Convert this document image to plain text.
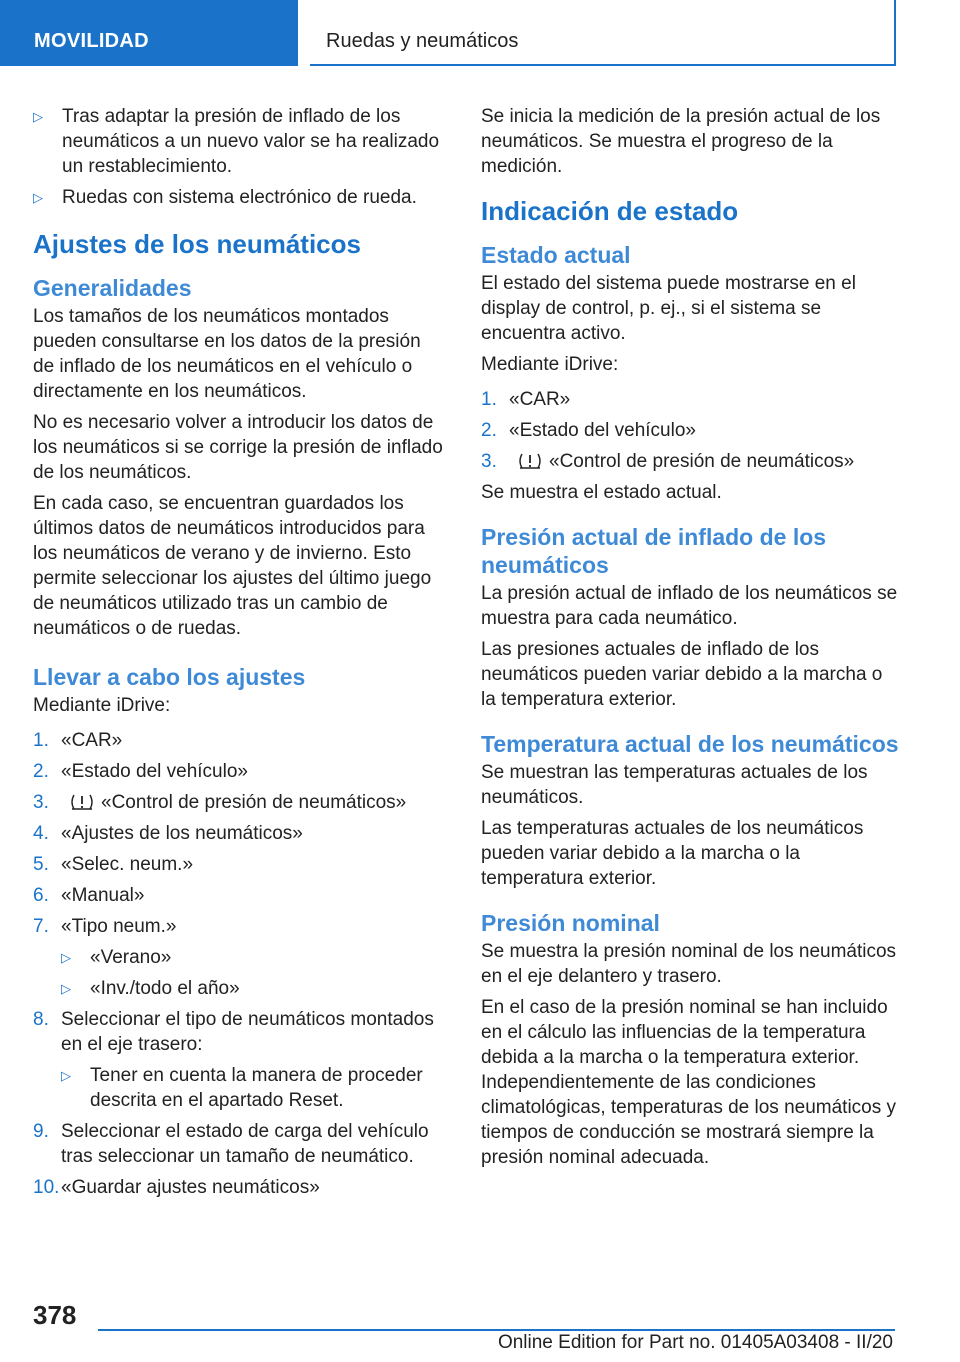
MOVILIDAD	Ruedas y neumáticos
▷ Tras adaptar la presión de inflado de los neumáticos a un nuevo valor se ha realizado un restablecimiento.
▷ Ruedas con sistema electrónico de rueda.
Ajustes de los neumáticos
Generalidades

Los tamaños de los neumáticos montados pueden consultarse en los datos de la presión de inflado de los neumáticos en el vehículo o directamente en los neumáticos.

No es necesario volver a introducir los datos de los neumáticos si se corrige la presión de inflado de los neumáticos.

En cada caso, se encuentran guardados los últimos datos de neumáticos introducidos para los neumáticos de verano y de invierno. Esto permite seleccionar los ajustes del último juego de neumáticos utilizado tras un cambio de neumáticos o de ruedas.

Llevar a cabo los ajustes

Mediante iDrive:

1. «CAR»
2. «Estado del vehículo»
3.	«Control de presión de neumáticos»
4. «Ajustes de los neumáticos»
5. «Selec. neum.»
6. «Manual»
7. «Tipo neum.»
▷ «Verano»
▷ «Inv./todo el año»
8. Seleccionar el tipo de neumáticos montados en el eje trasero:
▷ Tener en cuenta la manera de proceder descrita en el apartado Reset.
9. Seleccionar el estado de carga del vehículo tras seleccionar un tamaño de neumático.
10. «Guardar ajustes neumáticos»

Se inicia la medición de la presión actual de los neumáticos. Se muestra el progreso de la medición.

Indicación de estado
Estado actual

El estado del sistema puede mostrarse en el display de control, p. ej., si el sistema se encuentra activo.

Mediante iDrive:

1. «CAR»
2. «Estado del vehículo»
3.	«Control de presión de neumáticos»

Se muestra el estado actual.

Presión actual de inflado de los neumáticos

La presión actual de inflado de los neumáticos se muestra para cada neumático.

Las presiones actuales de inflado de los neumáticos pueden variar debido a la marcha o la temperatura exterior.

Temperatura actual de los neumáticos

Se muestran las temperaturas actuales de los neumáticos.

Las temperaturas actuales de los neumáticos pueden variar debido a la marcha o la temperatura exterior.

Presión nominal

Se muestra la presión nominal de los neumáticos en el eje delantero y trasero.

En el caso de la presión nominal se han incluido en el cálculo las influencias de la temperatura debida a la marcha o la temperatura exterior. Independientemente de las condiciones climatológicas, temperaturas de los neumáticos y tiempos de conducción se mostrará siempre la presión nominal adecuada.

378
Online Edition for Part no. 01405A03408 - II/20
